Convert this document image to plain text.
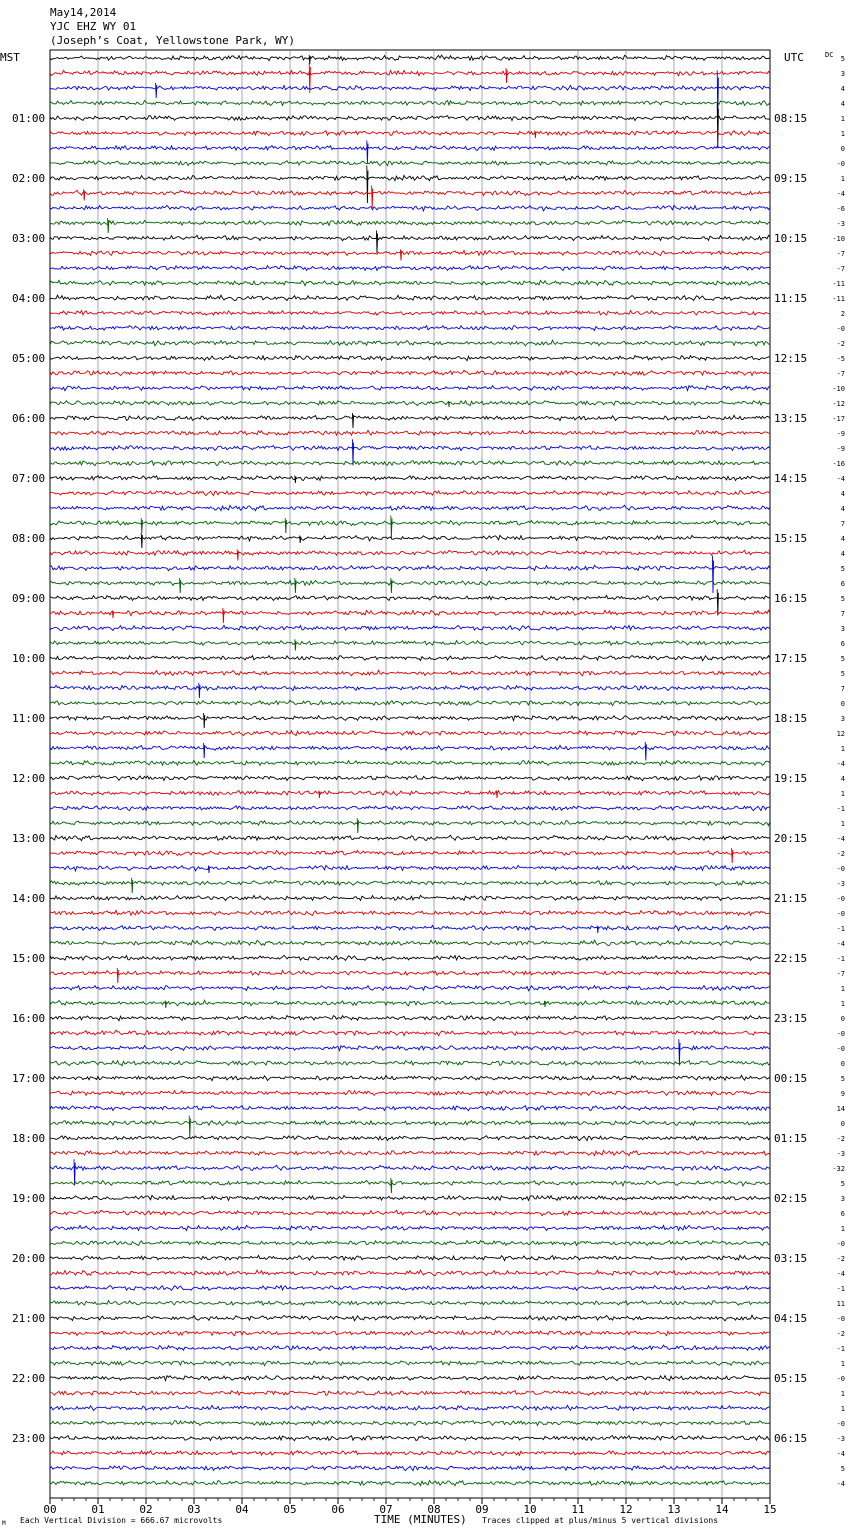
May14,2014
YJC EHZ WY 01
(Joseph’s Coat, Yellowstone Park, WY)
MST	UTC	DC
01:00
02:00
03:00
04:00
05:00
06:00
07:00
08:00
09:00
10:00
11:00
12:00
13:00
14:00
15:00
16:00
17:00
18:00
19:00
20:00
21:00
22:00
23:00
08:15
09:15
10:15
11:15
12:15
13:15
14:15
15:15
16:15
17:15
18:15
19:15
20:15
21:15
22:15
23:15
00:15
01:15
02:15
03:15
04:15
05:15
06:15
5
3
4
4
1
1
0
-0
1
-4
-6
-3
-10
-7
-7
-11
-11
2
-0
-2
-5
-7
-10
-12
-17
-9
-9
-16
-4
4
4
7
4
4
5
6
5
7
3
6
5
5
7
0
3
12
1
-4
4
1
-1
1
-4
-2
-0
-3
-0
-0
-1
-4
-1
-7
1
1
0
-0
-0
0
5
9
14
0
-2
-3
-32
5
3
6
1
-0
-2
-4
-1
11
-0
-2
-1
1
-0
1
1
-0
-3
-4
5
-4
00	01	02	03	04	05	06	07	08	09	10	11	12	13	14	15
M Each Vertical Division = 666.67 microvolts	TIME (MINUTES) Traces clipped at plus/minus 5 vertical divisions
